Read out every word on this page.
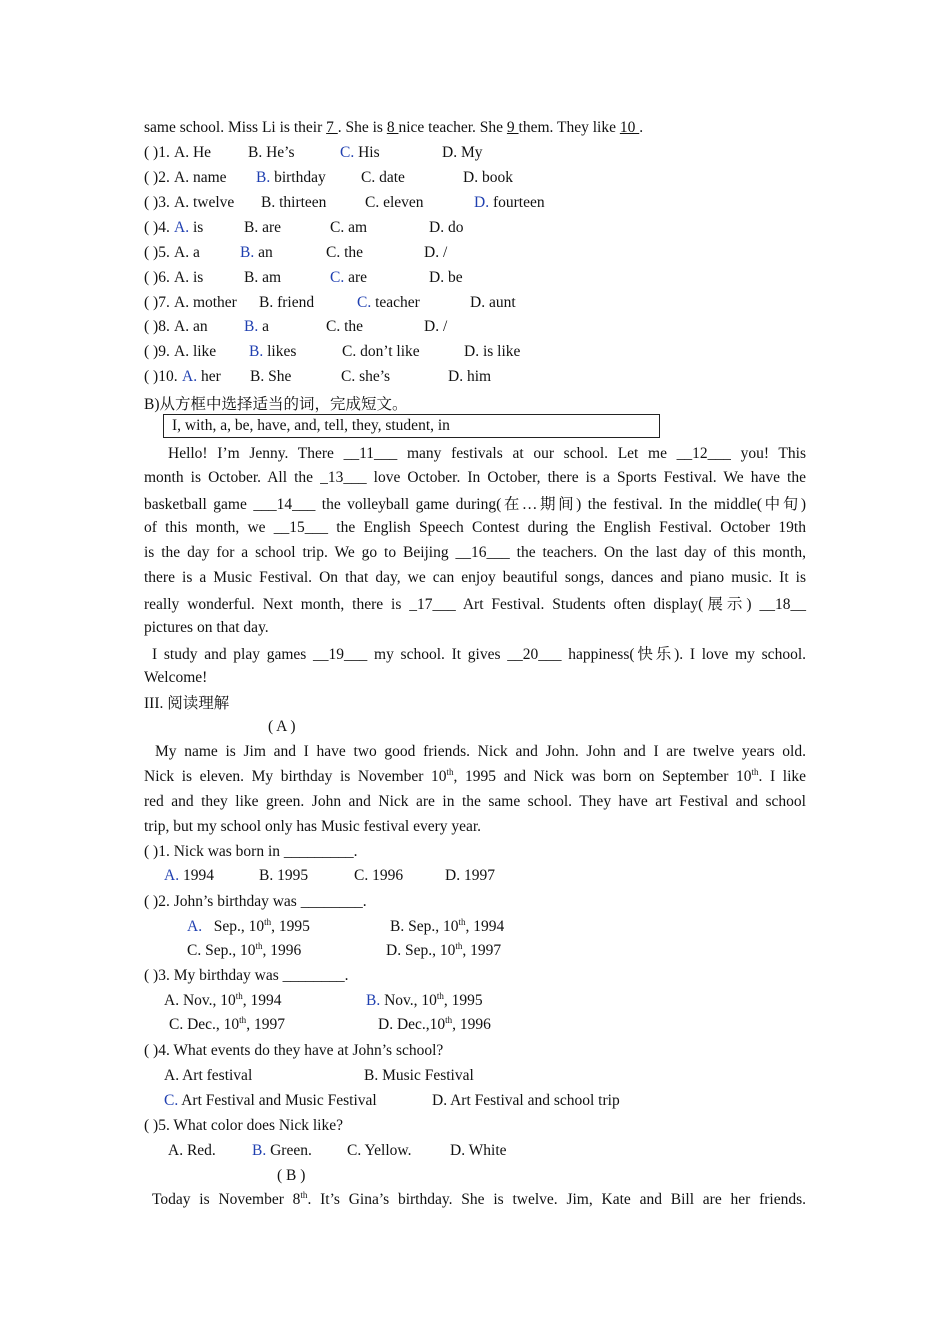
same school. Miss Li is their 7 . She is 8 nice teacher. She 9 them. They like 10 .
( )1. A. He B. He’s	C. His	D. My
( )2. A. name B. birthday C. date	D. book
( )3. A. twelve B. thirteen C. eleven	D. fourteen
( )4. A. is	B. are	C. am	D. do
( )5. A. a	B. an	C. the	D. /
( )6. A. is	B. am	C. are	D. be
( )7. A. mother B. friend	C. teacher	D. aunt
( )8. A. an B. a	C. the	D. /
( )9. A. like B. likes	C. don’t like	D. is like
( )10. A. her B. She	C. she’s	D. him
B)从方框中选择适当的词，完成短文。
I, with, a, be, have, and, tell, they, student, in
Hello! I’m Jenny. There __11___ many festivals at our school. Let me __12___ you! This
month is October. All the _13___ love October. In October, there is a Sports Festival. We have the
basketball game ___14___ the volleyball game during(在…期间) the festival. In the middle(中旬)
of this month, we __15___ the English Speech Contest during the English Festival. October 19th
is the day for a school trip. We go to Beijing __16___ the teachers. On the last day of this month,
there is a Music Festival. On that day, we can enjoy beautiful songs, dances and piano music. It is
really wonderful. Next month, there is _17___ Art Festival. Students often display(展示) __18__
pictures on that day.
I study and play games __19___ my school. It gives __20___ happiness(快乐). I love my school.
Welcome!
III. 阅读理解
( A )
My name is Jim and I have two good friends. Nick and John. John and I are twelve years old.
Nick is eleven. My birthday is November 10th, 1995 and Nick was born on September 10th. I like
red and they like green. John and Nick are in the same school. They have art Festival and school
trip, but my school only has Music festival every year.
( )1. Nick was born in _________.
A. 1994	B. 1995	C. 1996	D. 1997
( )2. John’s birthday was ________.
A.   Sep., 10th, 1995	B. Sep., 10th, 1994
C. Sep., 10th, 1996	D. Sep., 10th, 1997
( )3. My birthday was ________.
A. Nov., 10th, 1994	B. Nov., 10th, 1995
C. Dec., 10th, 1997	D. Dec.,10th, 1996
( )4. What events do they have at John’s school?
A. Art festival	B. Music Festival
C. Art Festival and Music Festival	D. Art Festival and school trip
( )5. What color does Nick like?
A. Red. B. Green. C. Yellow. D. White
( B )
Today is November 8th. It’s Gina’s birthday. She is twelve. Jim, Kate and Bill are her friends.
